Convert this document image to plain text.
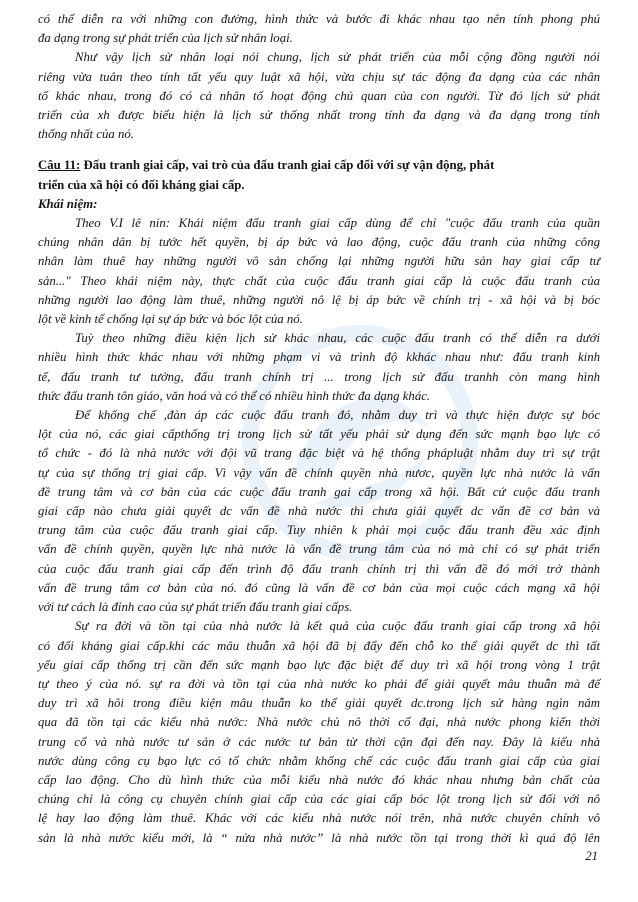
có thể diễn ra với những con đường, hình thức và bước đi khác nhau tạo nên tính phong phú
đa dạng trong sự phát triển của lịch sử nhân loại.
Như vậy lịch sử nhân loại nói chung, lịch sử phát triển của mỗi cộng đồng người nói
riêng vừa tuân theo tính tất yếu quy luật xã hội, vừa chịu sự tác động đa dạng của các nhân
tố khác nhau, trong đó có cả nhân tố hoạt động chủ quan của con người. Từ đó lịch sử phát
triển của xh được biểu hiện là lịch sử thống nhất trong tính đa dạng và đa dạng trong tính
thống nhất của nó.
Câu 11: Đấu tranh giai cấp, vai trò của đấu tranh giai cấp đối với sự vận động, phát
triển của xã hội có đối kháng giai cấp.
Khái niệm:
Theo V.I lê nin: Khái niệm đấu tranh giai cấp dùng để chỉ "cuộc đấu tranh của quần
chúng nhân dân bị tước hết quyền, bị áp bức và lao động, cuộc đấu tranh của những công
nhân làm thuê hay những người vô sản chống lại những người hữu sản hay giai cấp tư
sản..." Theo khái niệm này, thực chất của cuộc đấu tranh giai cấp là cuộc đấu tranh của
những người lao động làm thuê, những người nô lệ bị áp bức về chính trị - xã hội và bị bóc
lột về kinh tế chống lại sự áp bức và bóc lột của nó.
Tuỳ theo những điều kiện lịch sử khác nhau, các cuộc đấu tranh có thể diễn ra dưới
nhiều hình thức khác nhau với những phạm vi và trình độ kkhác nhau như: đấu tranh kinh
tế, đấu tranh tư tưởng, đấu tranh chính trị ... trong lịch sử đấu tranhh còn mang hình
thức đấu tranh tôn giáo, văn hoá và có thể có nhiều hình thức đa dạng khác.
Để khống chế ,đàn áp các cuộc đấu tranh đó, nhằm duy trì và thực hiện được sự bóc
lột của nó, các giai cấpthống trị trong lịch sử tất yếu phải sử dụng đến sức mạnh bạo lực có
tổ chức - đó là nhà nước với đội vũ trang đặc biệt và hệ thống phápluật nhằm duy trì sự trật
tự của sự thống trị giai cấp. Vì vậy vấn đề chính quyền nhà nươc, quyền lực nhà nước là vấn
đề trung tâm và cơ bản của các cuộc đấu tranh gai cấp trong xã hội. Bất cứ cuộc đấu tranh
giai cấp nào chưa giải quyết dc vấn đề nhà nước thì chưa giải quyết dc vấn đề cơ bản và
trung tâm của cuộc đấu tranh giai cấp. Tuy nhiên k phải mọi cuộc đấu tranh đều xác định
vấn đề chính quyền, quyền lực nhà nước là vấn đề trung tâm của nó mà chỉ có sự phát triển
của cuộc đấu tranh giai cấp đến trình độ đấu tranh chính trị thì vấn đề đó mới trở thành
vấn đề trung tâm cơ bản của nó. đó cũng là vấn đề cơ bản của mọi cuộc cách mạng xã hội
với tư cách là đỉnh cao của sự phát triển đấu tranh giai cấps.
Sự ra đời và tồn tại của nhà nước là kết quả của cuộc đấu tranh giai cấp trong xã hội
có đối kháng giai cấp.khi các mâu thuẫn xã hội đã bị đẩy đến chỗ ko thể giải quyết dc thì tất
yếu giai cấp thống trị cần đến sức mạnh bạo lực đặc biệt để duy trì xã hội trong vòng 1 trật
tự theo ý của nó. sự ra đời và tồn tại của nhà nước ko phải để giải quyết mâu thuẫn mà để
duy trì xã hôi trong điều kiện mâu thuẫn ko thể giải quyết dc.trong lịch sử hàng ngìn năm
qua đã tồn tại các kiểu nhà nước: Nhà nước chủ nô thời cổ đại, nhà nước phong kiến thời
trung cổ và nhà nước tư sản ở các nước tư bản từ thời cận đại đến nay. Đây là kiểu nhà
nước dùng công cụ bạo lực có tổ chức nhằm khống chế các cuộc đấu tranh giai cấp của giai
cấp lao động. Cho dù hình thức của mỗi kiểu nhà nước đó khác nhau nhưng bản chất của
chúng chỉ là công cụ chuyên chính giai cấp của các giai cấp bóc lột trong lịch sử đối với nô
lệ hay lao động làm thuê. Khác với các kiểu nhà nước nói trên, nhà nước chuyên chính vô
sản là nhà nước kiểu mới, là “ nửa nhà nước” là nhà nước tồn tại trong thời kì quá độ lên
21
